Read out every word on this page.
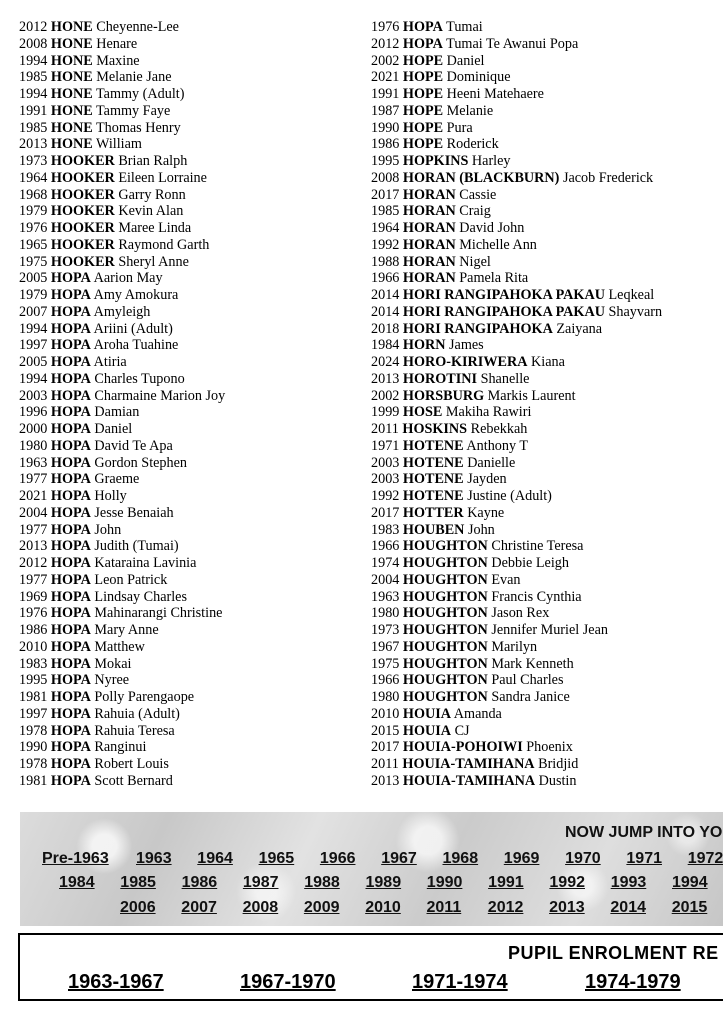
2012 HONE Cheyenne-Lee
2008 HONE Henare
1994 HONE Maxine
1985 HONE Melanie Jane
1994 HONE Tammy (Adult)
1991 HONE Tammy Faye
1985 HONE Thomas Henry
2013 HONE William
1973 HOOKER Brian Ralph
1964 HOOKER Eileen Lorraine
1968 HOOKER Garry Ronn
1979 HOOKER Kevin Alan
1976 HOOKER Maree Linda
1965 HOOKER Raymond Garth
1975 HOOKER Sheryl Anne
2005 HOPA Aarion May
1979 HOPA Amy Amokura
2007 HOPA Amyleigh
1994 HOPA Ariini (Adult)
1997 HOPA Aroha Tuahine
2005 HOPA Atiria
1994 HOPA Charles Tupono
2003 HOPA Charmaine Marion Joy
1996 HOPA Damian
2000 HOPA Daniel
1980 HOPA David Te Apa
1963 HOPA Gordon Stephen
1977 HOPA Graeme
2021 HOPA Holly
2004 HOPA Jesse Benaiah
1977 HOPA John
2013 HOPA Judith (Tumai)
2012 HOPA Kataraina Lavinia
1977 HOPA Leon Patrick
1969 HOPA Lindsay Charles
1976 HOPA Mahinarangi Christine
1986 HOPA Mary Anne
2010 HOPA Matthew
1983 HOPA Mokai
1995 HOPA Nyree
1981 HOPA Polly Parengaope
1997 HOPA Rahuia (Adult)
1978 HOPA Rahuia Teresa
1990 HOPA Ranginui
1978 HOPA Robert Louis
1981 HOPA Scott Bernard
1976 HOPA Tumai
2012 HOPA Tumai Te Awanui Popa
2002 HOPE Daniel
2021 HOPE Dominique
1991 HOPE Heeni Matehaere
1987 HOPE Melanie
1990 HOPE Pura
1986 HOPE Roderick
1995 HOPKINS Harley
2008 HORAN (BLACKBURN) Jacob Frederick
2017 HORAN Cassie
1985 HORAN Craig
1964 HORAN David John
1992 HORAN Michelle Ann
1988 HORAN Nigel
1966 HORAN Pamela Rita
2014 HORI RANGIPAHOKA PAKAU Leqkeal
2014 HORI RANGIPAHOKA PAKAU Shayvarn
2018 HORI RANGIPAHOKA Zaiyana
1984 HORN James
2024 HORO-KIRIWERA Kiana
2013 HOROTINI Shanelle
2002 HORSBURG Markis Laurent
1999 HOSE Makiha Rawiri
2011 HOSKINS Rebekkah
1971 HOTENE Anthony T
2003 HOTENE Danielle
2003 HOTENE Jayden
1992 HOTENE Justine (Adult)
2017 HOTTER Kayne
1983 HOUBEN John
1966 HOUGHTON Christine Teresa
1974 HOUGHTON Debbie Leigh
2004 HOUGHTON Evan
1963 HOUGHTON Francis Cynthia
1980 HOUGHTON Jason Rex
1973 HOUGHTON Jennifer Muriel Jean
1967 HOUGHTON Marilyn
1975 HOUGHTON Mark Kenneth
1966 HOUGHTON Paul Charles
1980 HOUGHTON Sandra Janice
2010 HOUIA Amanda
2015 HOUIA CJ
2017 HOUIA-POHOIWI Phoenix
2011 HOUIA-TAMIHANA Bridjid
2013 HOUIA-TAMIHANA Dustin
NOW JUMP INTO YO
Pre-1963 1963 1964 1965 1966 1967 1968 1969 1970 1971 1972
1984 1985 1986 1987 1988 1989 1990 1991 1992 1993 1994
2006 2007 2008 2009 2010 2011 2012 2013 2014 2015
PUPIL ENROLMENT RE
1963-1967	1967-1970	1971-1974	1974-1979
